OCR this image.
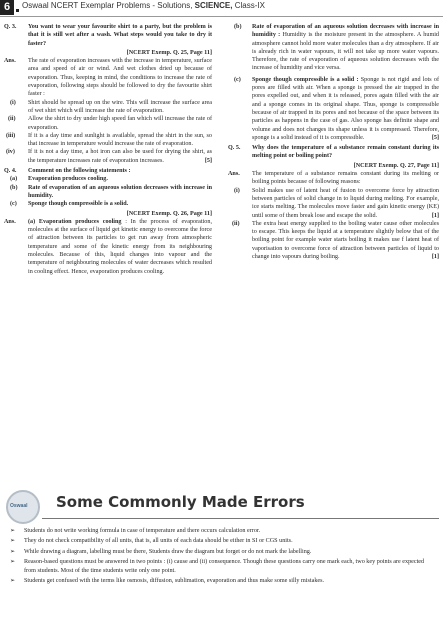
6	Oswaal NCERT Exemplar Problems - Solutions, SCIENCE, Class-IX
Q. 3. You want to wear your favourite shirt to a party, but the problem is that it is still wet after a wash. What steps would you take to dry it faster?
[NCERT Exemp. Q. 25, Page 11]
Ans. The rate of evaporation increases with the increase in temperature, surface area and speed of air or wind. And wet clothes dried up because of evaporation. Thus, keeping in mind, the conditions to increase the rate of evaporation, following steps should be followed to dry the favourite shirt faster :
(i) Shirt should be spread up on the wire. This will increase the surface area of wet shirt which will increase the rate of evaporation.
(ii) Allow the shirt to dry under high speed fan which will increase the rate of evaporation.
(iii) If it is a day time and sunlight is available, spread the shirt in the sun, so that increase in temperature would increase the rate of evaporation.
(iv) If it is not a day time, a hot iron can also be used for drying the shirt, as the temperature increases rate of evaporation increases.	[5]
Q. 4. Comment on the following statements :
(a) Evaporation produces cooling.
(b) Rate of evaporation of an aqueous solution decreases with increase in humidity.
(c) Sponge though compressible is a solid.
[NCERT Exemp. Q. 26, Page 11]
Ans. (a) Evaporation produces cooling : In the process of evaporation, molecules at the surface of liquid get kinetic energy to overcome the force of attraction between its particles to get run away from atmospheric temperature and some of the kinetic energy from its neighbouring molecules. Because of this, liquid changes into vapour and the temperature of neighbouring molecules of water decreases which resulted in cooling effect. Hence, evaporation produces cooling.
(b) Rate of evaporation of an aqueous solution decreases with increase in humidity : Humidity is the moisture present in the atmosphere. A humid atmosphere cannot hold more water molecules than a dry atmosphere. If air is already rich in water vapours, it will not take up more water vapours. Therefore, the rate of evaporation of aqueous solution decreases with the increase of humidity and vice versa.
(c) Sponge though compressible is a solid : Sponge is not rigid and lots of pores are filled with air. When a sponge is pressed the air trapped in the pores expelled out, and when it is released, pores again filled with the air and a sponge comes in its original shape. Thus, sponge is compressible because of air trapped in its pores and not because of the space between its particles as happens in the case of gas. Also sponge has definite shape and volume and does not changes its shape unless it is compressed. Therefore, sponge is a solid instead of it is compressible.	[5]
Q. 5. Why does the temperature of a substance remain constant during its melting point or boiling point?
[NCERT Exemp. Q. 27, Page 11]
Ans. The temperature of a substance remains constant during its melting or boiling points because of following reasons:
(i) Solid makes use of latent heat of fusion to overcome force by attraction between particles of solid change in to liquid during melting. For example, ice starts melting. The molecules move faster and gain kinetic energy (KE) until some of them break lose and escape the solid.	[1]
(ii) The extra heat energy supplied to the boiling water cause other molecules to escape. This keeps the liquid at a temperature slightly below that of the boiling point for example water starts boiling it makes use f latent heat of vaporisation to overcome force of attraction between particles of liquid to change into vapours during boiling.	[1]
Oswaal Some Commonly Made Errors
➢ Students do not write working formula in case of temperature and there occurs calculation error.
➢ They do not check compatibility of all units, that is, all units of each data should be either in SI or CGS units.
➢ While drawing a diagram, labelling must be there, Students draw the diagram but forget or do not mark the labelling.
➢ Reason-based questions must be answered in two points : (i) cause and (ii) consequence. Though these questions carry one mark each, two key points are expected from students. Most of the time students write only one point.
➢ Students get confused with the terms like osmosis, diffusion, sublimation, evaporation and thus make some silly mistakes.
